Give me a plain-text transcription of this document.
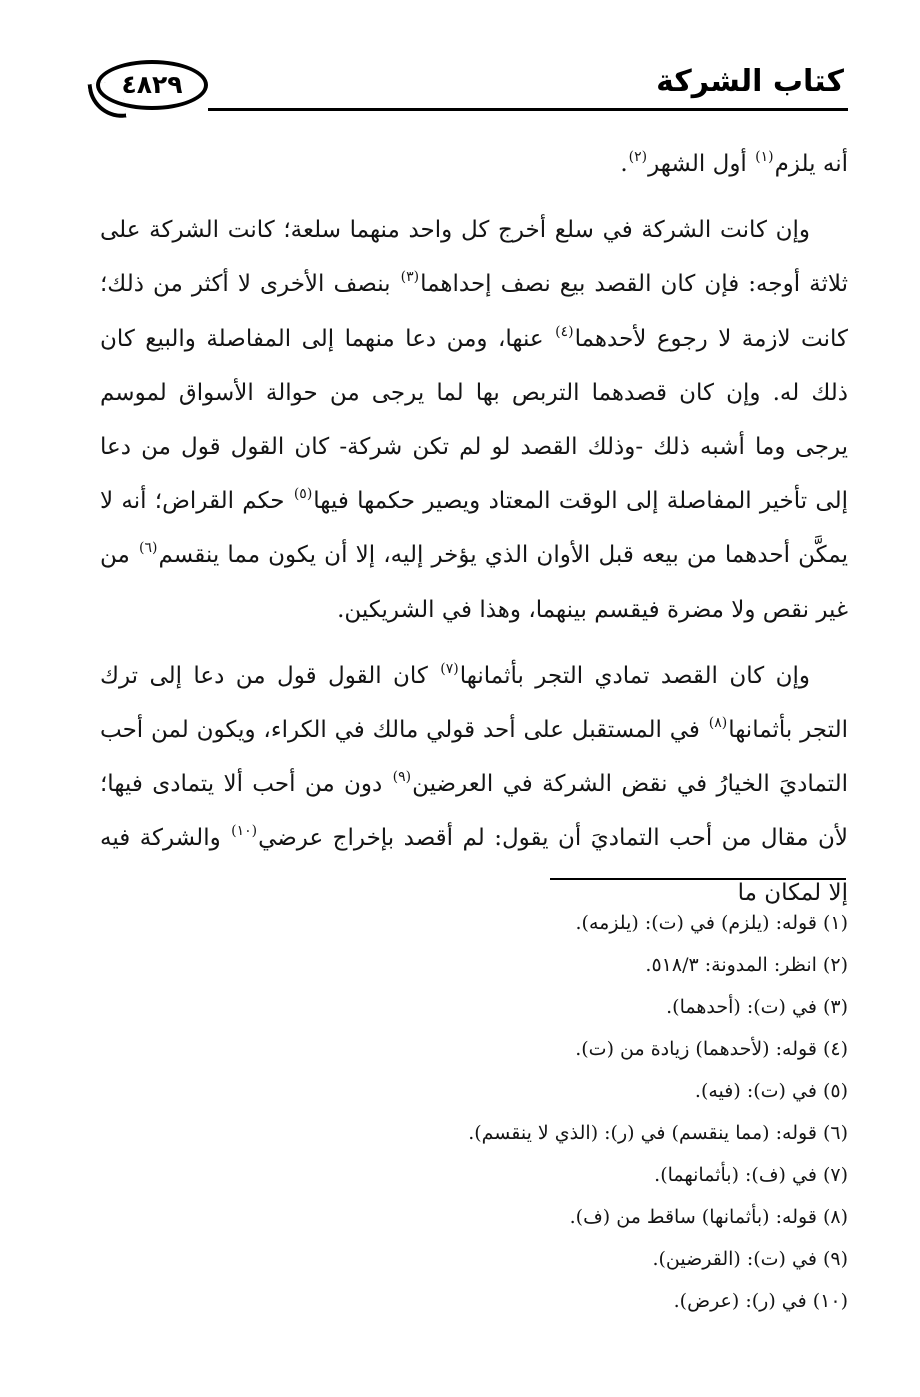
كتاب الشركة
٤٨٢٩

أنه يلزم$^{(١)}$ أول الشهر$^{(٢)}$.

وإن كانت الشركة في سلع أخرج كل واحد منهما سلعة؛ كانت الشركة على ثلاثة أوجه: فإن كان القصد بيع نصف إحداهما$^{(٣)}$ بنصف الأخرى لا أكثر من ذلك؛ كانت لازمة لا رجوع لأحدهما$^{(٤)}$ عنها، ومن دعا منهما إلى المفاصلة والبيع كان ذلك له. وإن كان قصدهما التربص بها لما يرجى من حوالة الأسواق لموسم يرجى وما أشبه ذلك -وذلك القصد لو لم تكن شركة- كان القول قول من دعا إلى تأخير المفاصلة إلى الوقت المعتاد ويصير حكمها فيها$^{(٥)}$ حكم القراض؛ أنه لا يمكَّن أحدهما من بيعه قبل الأوان الذي يؤخر إليه، إلا أن يكون مما ينقسم$^{(٦)}$ من غير نقص ولا مضرة فيقسم بينهما، وهذا في الشريكين.

وإن كان القصد تمادي التجر بأثمانها$^{(٧)}$ كان القول قول من دعا إلى ترك التجر بأثمانها$^{(٨)}$ في المستقبل على أحد قولي مالك في الكراء، ويكون لمن أحب التماديَ الخيارُ في نقض الشركة في العرضين$^{(٩)}$ دون من أحب ألا يتمادى فيها؛ لأن مقال من أحب التماديَ أن يقول: لم أقصد بإخراج عرضي$^{(١٠)}$ والشركة فيه إلا لمكان ما

(١) قوله: (يلزم) في (ت): (يلزمه).
(٢) انظر: المدونة: ٥١٨/٣.
(٣) في (ت): (أحدهما).
(٤) قوله: (لأحدهما) زيادة من (ت).
(٥) في (ت): (فيه).
(٦) قوله: (مما ينقسم) في (ر): (الذي لا ينقسم).
(٧) في (ف): (بأثمانهما).
(٨) قوله: (بأثمانها) ساقط من (ف).
(٩) في (ت): (القرضين).
(١٠) في (ر): (عرض).
